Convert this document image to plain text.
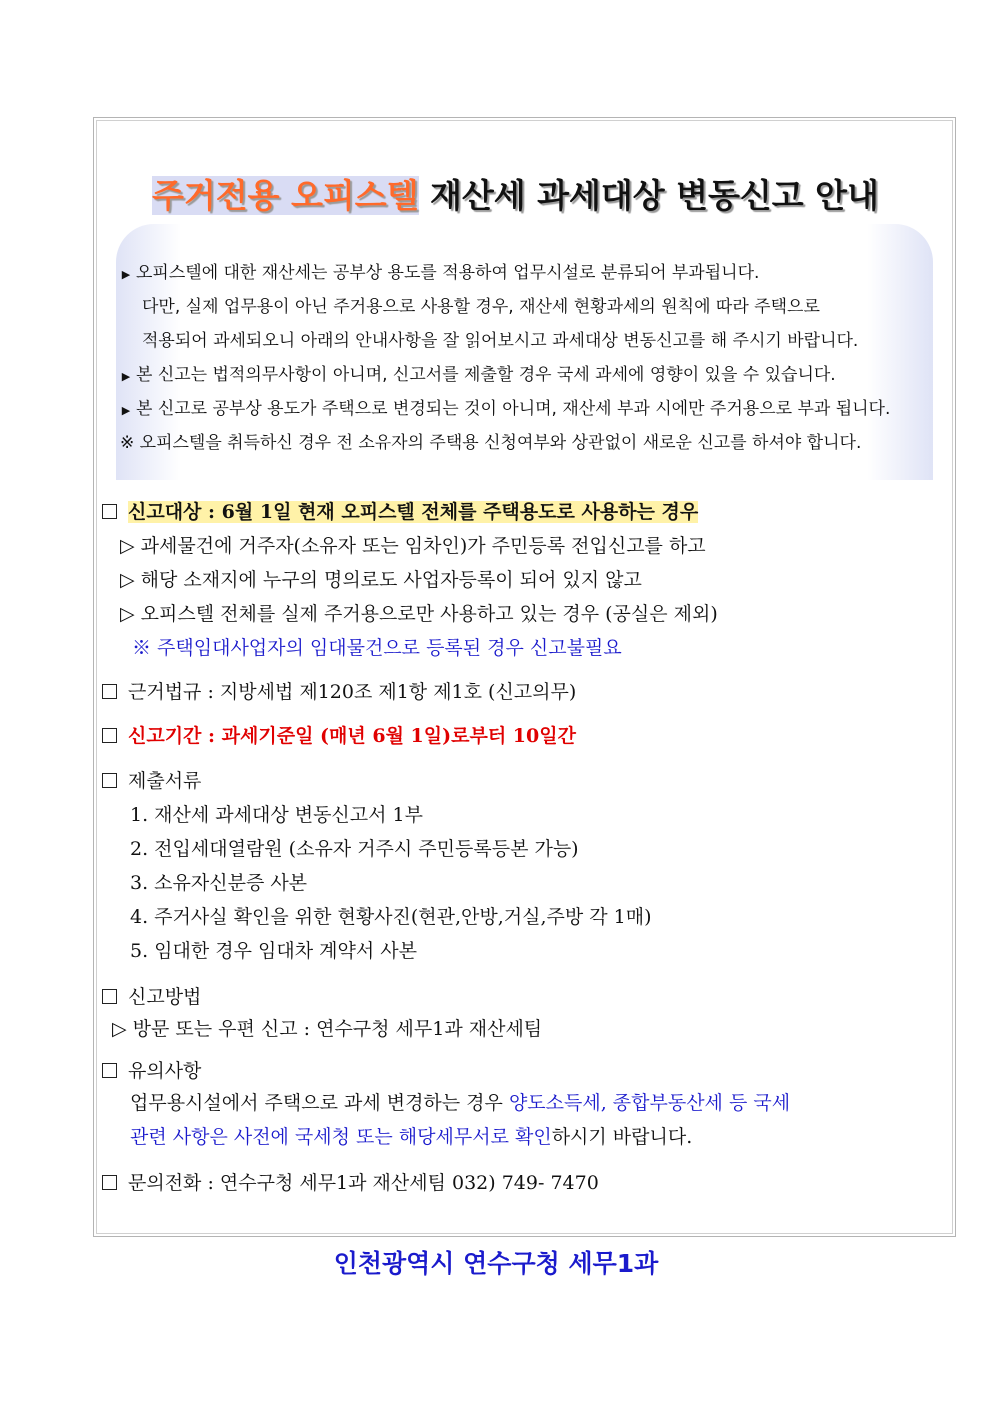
주거전용 오피스텔 재산세 과세대상 변동신고 안내
▶ 오피스텔에 대한 재산세는 공부상 용도를 적용하여 업무시설로 분류되어 부과됩니다.
다만, 실제 업무용이 아닌 주거용으로 사용할 경우, 재산세 현황과세의 원칙에 따라 주택으로
적용되어 과세되오니 아래의 안내사항을 잘 읽어보시고 과세대상 변동신고를 해 주시기 바랍니다.
▶ 본 신고는 법적의무사항이 아니며, 신고서를 제출할 경우 국세 과세에 영향이 있을 수 있습니다.
▶ 본 신고로 공부상 용도가 주택으로 변경되는 것이 아니며, 재산세 부과 시에만 주거용으로 부과 됩니다.
※ 오피스텔을 취득하신 경우 전 소유자의 주택용 신청여부와 상관없이 새로운 신고를 하셔야 합니다.
신고대상 : 6월 1일 현재 오피스텔 전체를 주택용도로 사용하는 경우
▷ 과세물건에 거주자(소유자 또는 임차인)가 주민등록 전입신고를 하고
▷ 해당 소재지에 누구의 명의로도 사업자등록이 되어 있지 않고
▷ 오피스텔 전체를 실제 주거용으로만 사용하고 있는 경우 (공실은 제외)
※ 주택임대사업자의 임대물건으로 등록된 경우 신고불필요
근거법규 : 지방세법 제120조 제1항 제1호 (신고의무)
신고기간 : 과세기준일 (매년 6월 1일)로부터 10일간
제출서류
1. 재산세 과세대상 변동신고서 1부
2. 전입세대열람원 (소유자 거주시 주민등록등본 가능)
3. 소유자신분증 사본
4. 주거사실 확인을 위한 현황사진(현관,안방,거실,주방 각 1매)
5. 임대한 경우 임대차 계약서 사본
신고방법
▷ 방문 또는 우편 신고 : 연수구청 세무1과 재산세팀
유의사항
업무용시설에서 주택으로 과세 변경하는 경우 양도소득세, 종합부동산세 등 국세
관련 사항은 사전에 국세청 또는 해당세무서로 확인하시기 바랍니다.
문의전화 : 연수구청 세무1과 재산세팀 032) 749- 7470
인천광역시 연수구청 세무1과
